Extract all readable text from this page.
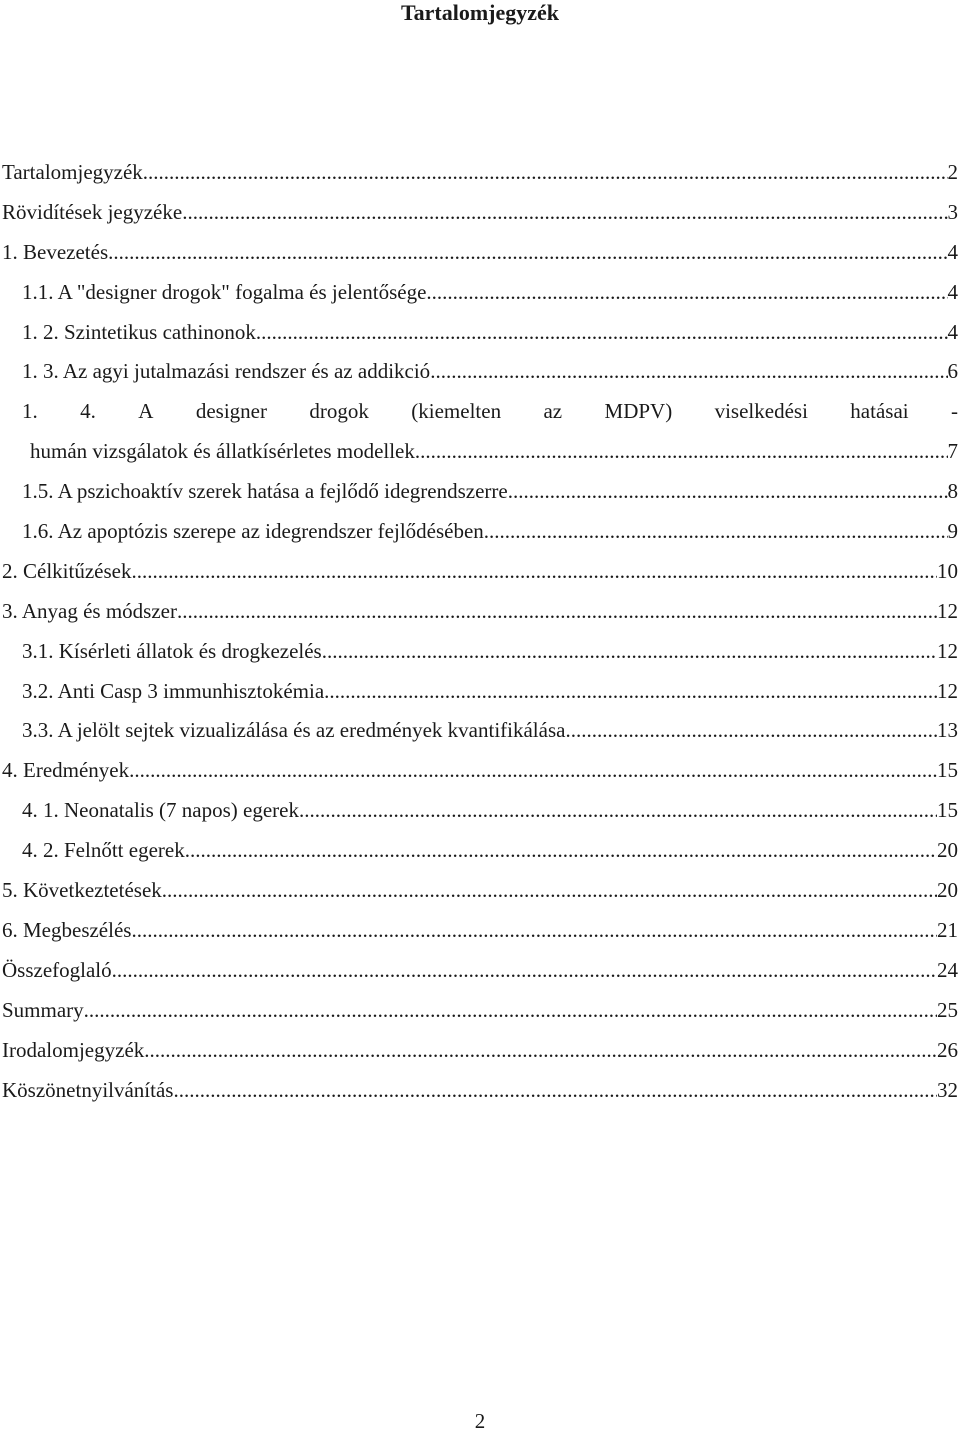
Tartalomjegyzék
Tartalomjegyzék .....	2
Rövidítések jegyzéke .....	3
1. Bevezetés .....	4
1.1. A "designer drogok" fogalma és jelentősége .....	4
1. 2. Szintetikus cathinonok .....	4
1. 3. Az agyi jutalmazási rendszer és az addikció .....	6
1. 4. A designer drogok (kiemelten az MDPV) viselkedési hatásai -
humán vizsgálatok és állatkísérletes modellek .....	7
1.5. A pszichoaktív szerek hatása a fejlődő idegrendszerre .....	8
1.6. Az apoptózis szerepe az idegrendszer fejlődésében .....	9
2. Célkitűzések .....	10
3. Anyag és módszer .....	12
3.1. Kísérleti állatok és drogkezelés .....	12
3.2. Anti Casp 3 immunhisztokémia .....	12
3.3. A jelölt sejtek vizualizálása és az eredmények kvantifikálása .....	13
4. Eredmények .....	15
4. 1. Neonatalis (7 napos) egerek .....	15
4. 2. Felnőtt egerek .....	20
5. Következtetések .....	20
6. Megbeszélés .....	21
Összefoglaló .....	24
Summary .....	25
Irodalomjegyzék .....	26
Köszönetnyilvánítás .....	32
2
